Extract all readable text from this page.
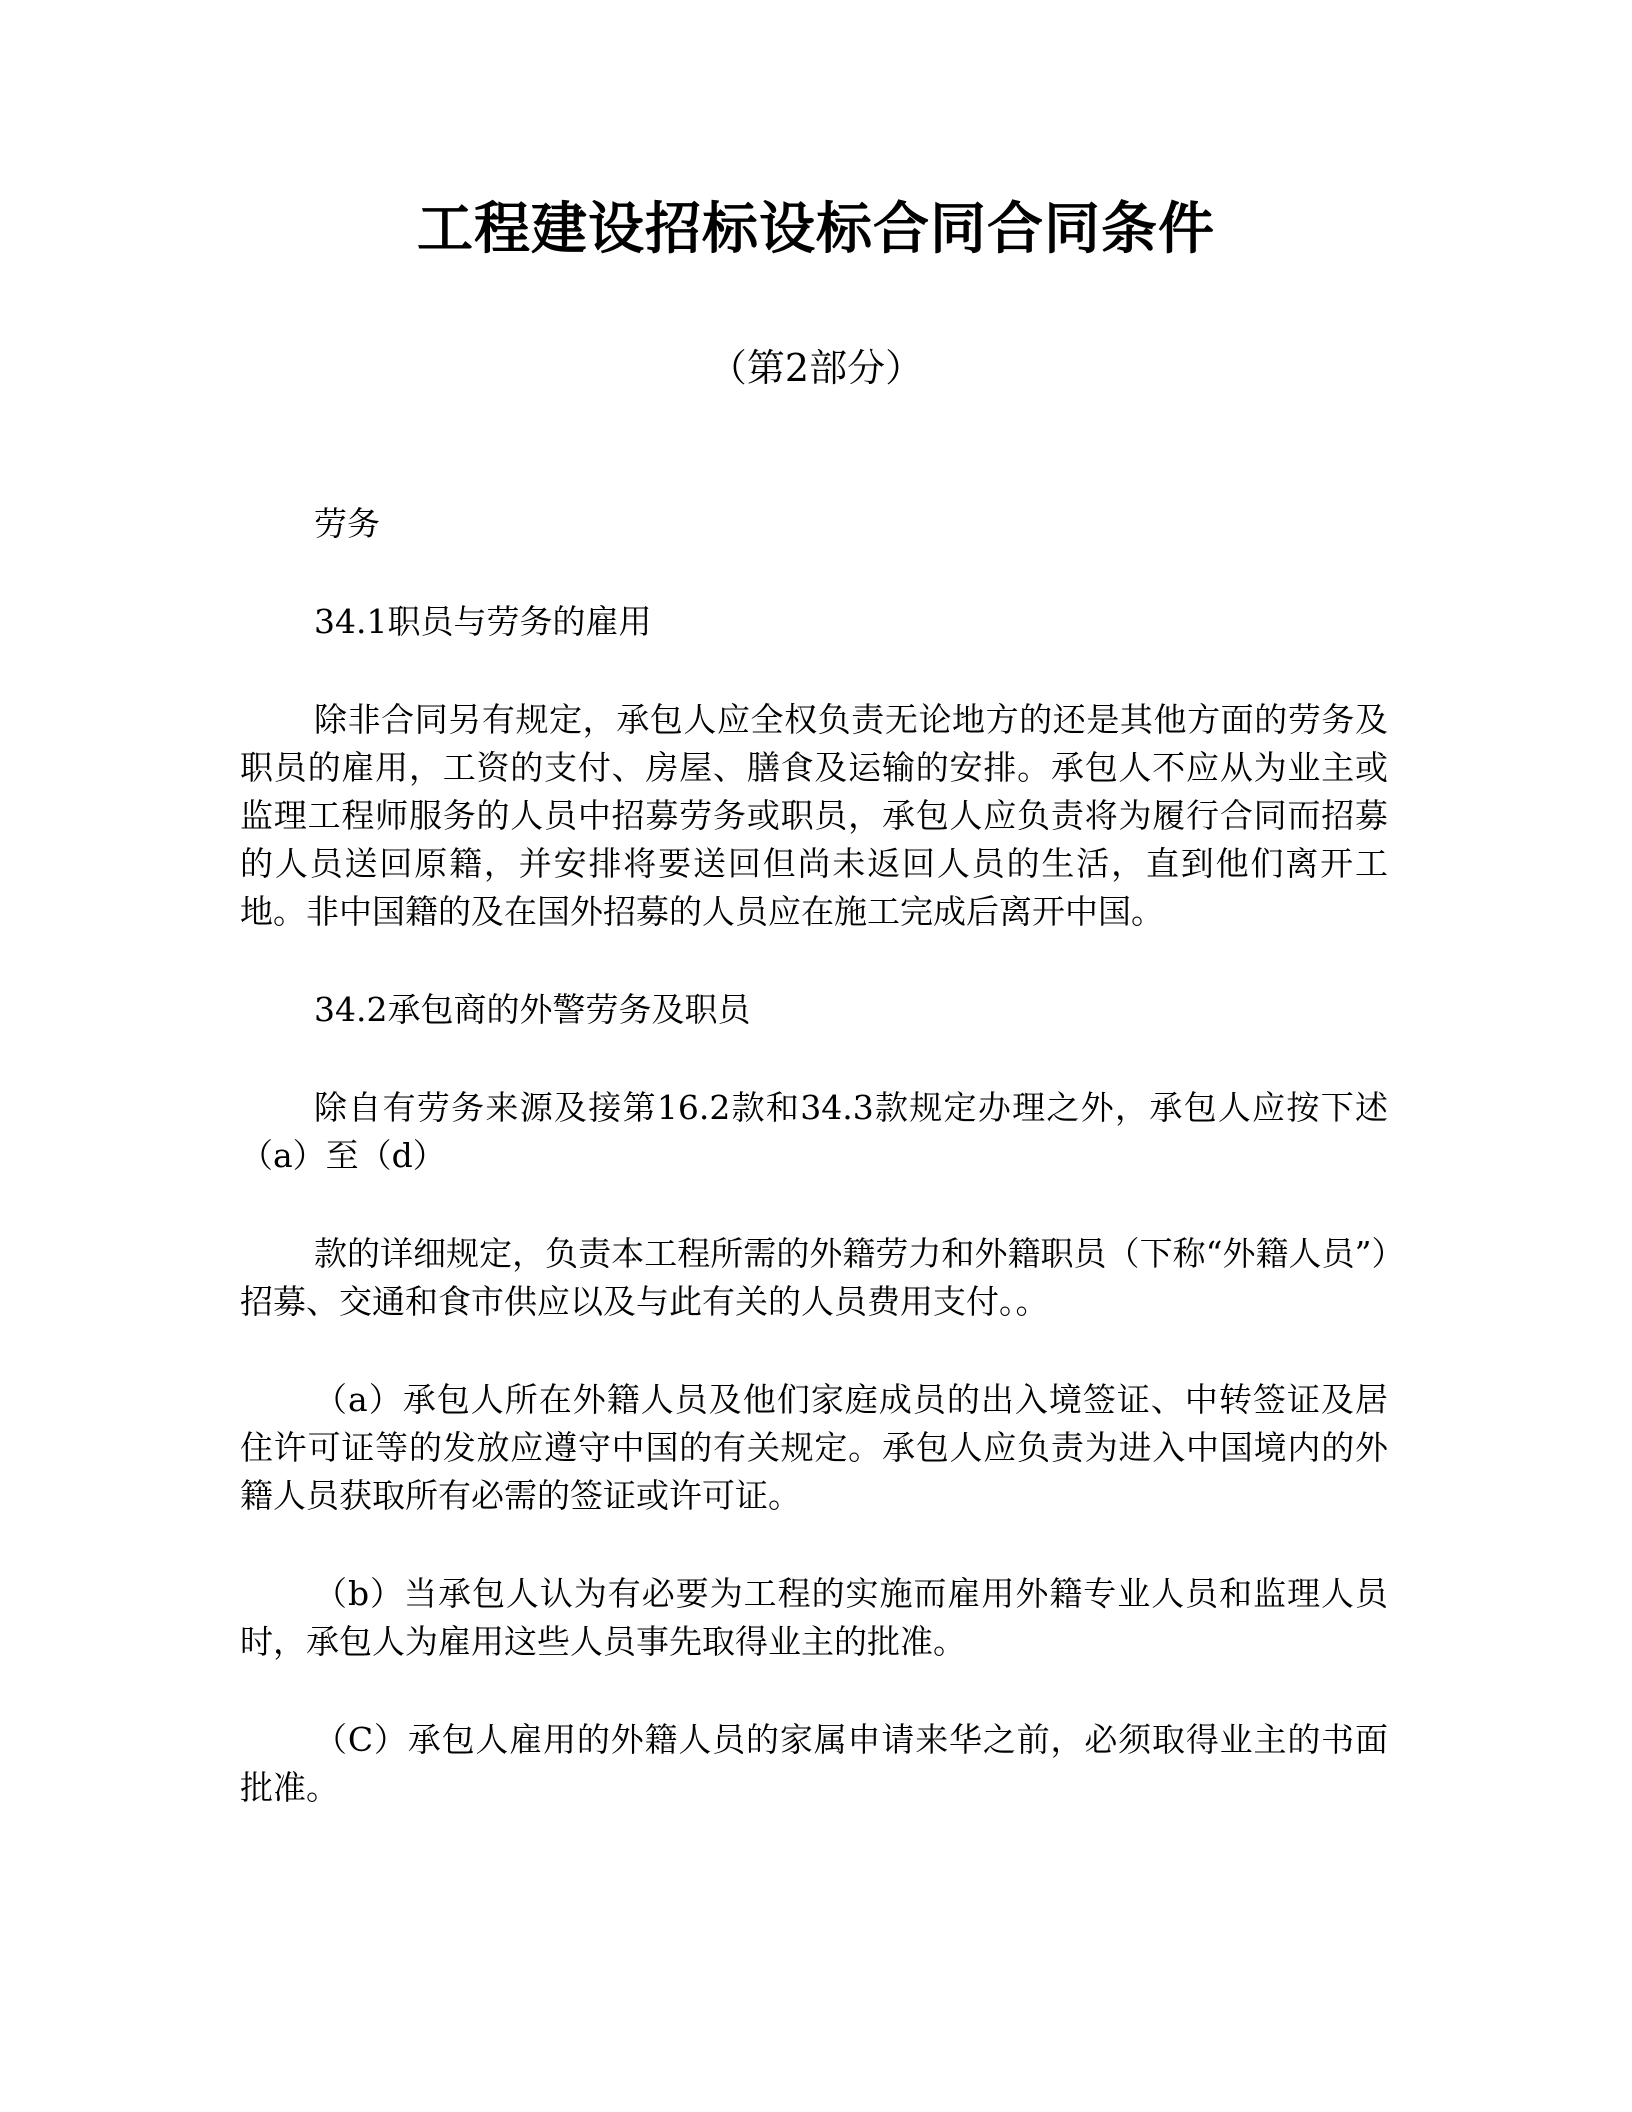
工程建设招标设标合同合同条件

（第2部分）

劳务

34.1职员与劳务的雇用

除非合同另有规定，承包人应全权负责无论地方的还是其他方面的劳务及职员的雇用，工资的支付、房屋、膳食及运输的安排。承包人不应从为业主或监理工程师服务的人员中招募劳务或职员，承包人应负责将为履行合同而招募的人员送回原籍，并安排将要送回但尚未返回人员的生活，直到他们离开工地。非中国籍的及在国外招募的人员应在施工完成后离开中国。

34.2承包商的外警劳务及职员

除自有劳务来源及接第16.2款和34.3款规定办理之外，承包人应按下述（a）至（d）

款的详细规定，负责本工程所需的外籍劳力和外籍职员（下称“外籍人员”）招募、交通和食市供应以及与此有关的人员费用支付。。

（a）承包人所在外籍人员及他们家庭成员的出入境签证、中转签证及居住许可证等的发放应遵守中国的有关规定。承包人应负责为进入中国境内的外籍人员获取所有必需的签证或许可证。

（b）当承包人认为有必要为工程的实施而雇用外籍专业人员和监理人员时，承包人为雇用这些人员事先取得业主的批准。

（C）承包人雇用的外籍人员的家属申请来华之前，必须取得业主的书面批准。
